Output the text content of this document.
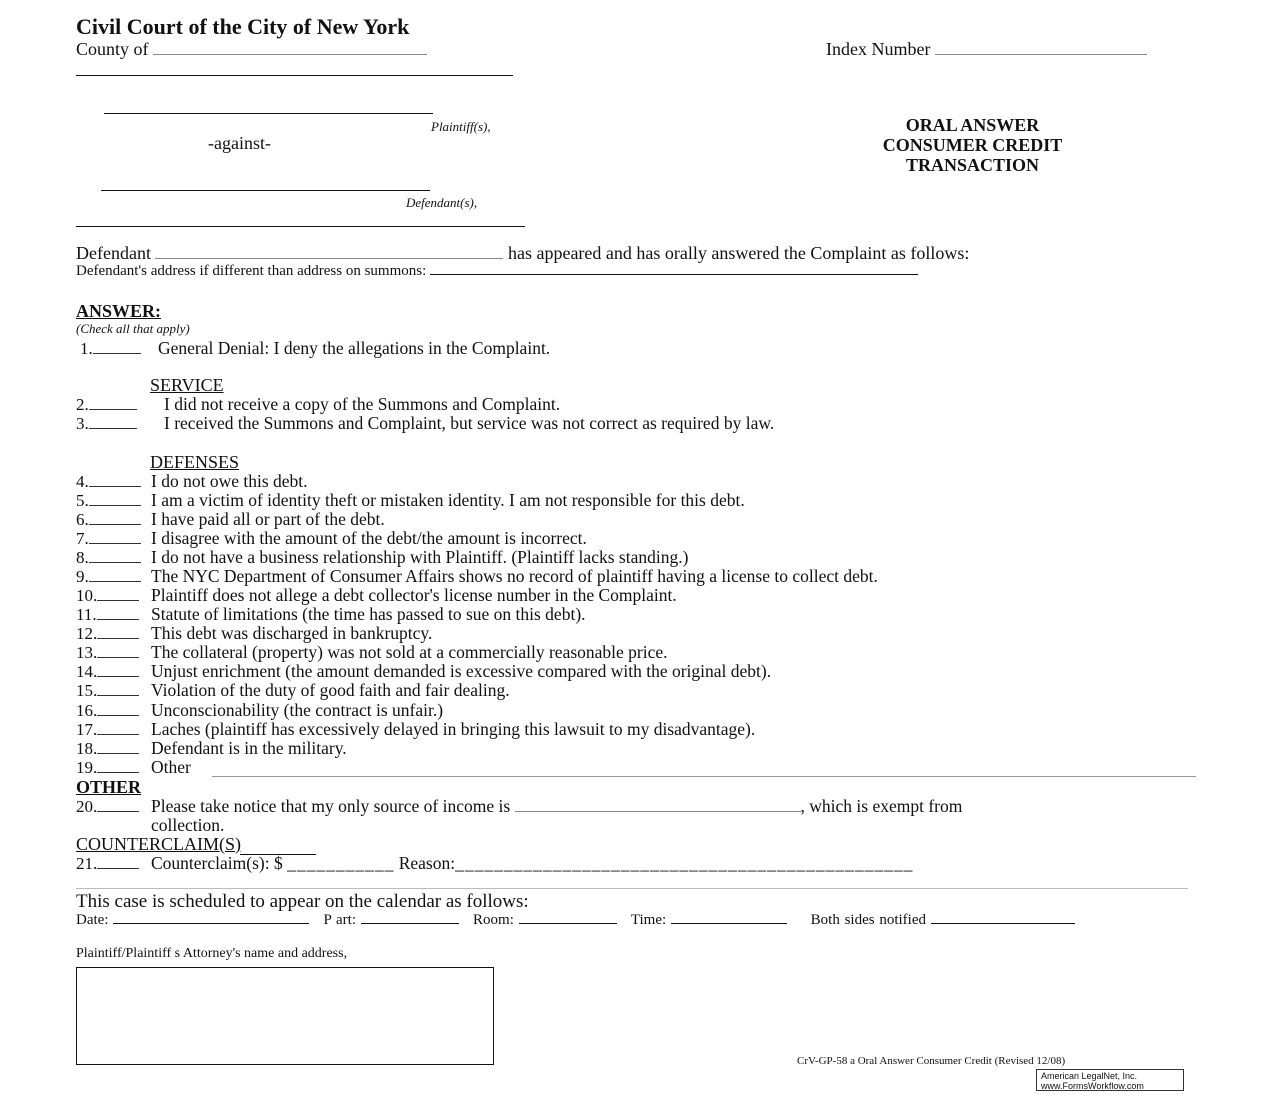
Civil Court of the City of New York
County of	Index Number
Plaintiff(s),
-against-
Defendant(s),
ORAL ANSWER
CONSUMER CREDIT
TRANSACTION
Defendant	has appeared and has orally answered the Complaint as follows:
Defendant's address if different than address on summons:
ANSWER:
(Check all that apply)
1.	General Denial: I deny the allegations in the Complaint.
SERVICE
2.	I did not receive a copy of the Summons and Complaint.
3.	I received the Summons and Complaint, but service was not correct as required by law.
DEFENSES
4.	I do not owe this debt.
5.	I am a victim of identity theft or mistaken identity. I am not responsible for this debt.
6.	I have paid all or part of the debt.
7.	I disagree with the amount of the debt/the amount is incorrect.
8.	I do not have a business relationship with Plaintiff. (Plaintiff lacks standing.)
9.	The NYC Department of Consumer Affairs shows no record of plaintiff having a license to collect debt.
10.	Plaintiff does not allege a debt collector's license number in the Complaint.
11.	Statute of limitations (the time has passed to sue on this debt).
12.	This debt was discharged in bankruptcy.
13.	The collateral (property) was not sold at a commercially reasonable price.
14.	Unjust enrichment (the amount demanded is excessive compared with the original debt).
15.	Violation of the duty of good faith and fair dealing.
16.	Unconscionability (the contract is unfair.)
17.	Laches (plaintiff has excessively delayed in bringing this lawsuit to my disadvantage).
18.	Defendant is in the military.
19.	Other
OTHER
20.	Please take notice that my only source of income is	, which is exempt from
collection.
COUNTERCLAIM(S)
21.	Counterclaim(s): $ ___________ Reason:_______________________________________________
This case is scheduled to appear on the calendar as follows:
Date:	P art:	Room:	Time:	Both sides notified
Plaintiff/Plaintiff s Attorney's name and address,
CrV-GP-58 a Oral Answer Consumer Credit (Revised 12/08)
American LegalNet, Inc.
www.FormsWorkflow.com
